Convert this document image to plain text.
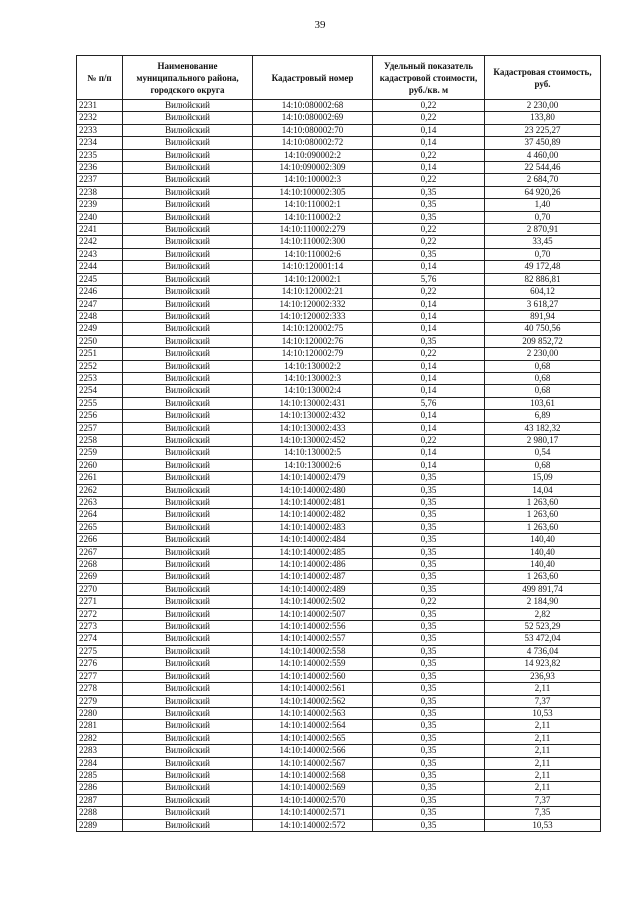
39
№ п/п	Наименование муниципального района, городского округа	Кадастровый номер	Удельный показатель кадастровой стоимости, руб./кв. м	Кадастровая стоимость, руб.
2231	Вилюйский	14:10:080002:68	0,22	2 230,00
2232	Вилюйский	14:10:080002:69	0,22	133,80
2233	Вилюйский	14:10:080002:70	0,14	23 225,27
2234	Вилюйский	14:10:080002:72	0,14	37 450,89
2235	Вилюйский	14:10:090002:2	0,22	4 460,00
2236	Вилюйский	14:10:090002:309	0,14	22 544,46
2237	Вилюйский	14:10:100002:3	0,22	2 684,70
2238	Вилюйский	14:10:100002:305	0,35	64 920,26
2239	Вилюйский	14:10:110002:1	0,35	1,40
2240	Вилюйский	14:10:110002:2	0,35	0,70
2241	Вилюйский	14:10:110002:279	0,22	2 870,91
2242	Вилюйский	14:10:110002:300	0,22	33,45
2243	Вилюйский	14:10:110002:6	0,35	0,70
2244	Вилюйский	14:10:120001:14	0,14	49 172,48
2245	Вилюйский	14:10:120002:1	5,76	82 886,81
2246	Вилюйский	14:10:120002:21	0,22	604,12
2247	Вилюйский	14:10:120002:332	0,14	3 618,27
2248	Вилюйский	14:10:120002:333	0,14	891,94
2249	Вилюйский	14:10:120002:75	0,14	40 750,56
2250	Вилюйский	14:10:120002:76	0,35	209 852,72
2251	Вилюйский	14:10:120002:79	0,22	2 230,00
2252	Вилюйский	14:10:130002:2	0,14	0,68
2253	Вилюйский	14:10:130002:3	0,14	0,68
2254	Вилюйский	14:10:130002:4	0,14	0,68
2255	Вилюйский	14:10:130002:431	5,76	103,61
2256	Вилюйский	14:10:130002:432	0,14	6,89
2257	Вилюйский	14:10:130002:433	0,14	43 182,32
2258	Вилюйский	14:10:130002:452	0,22	2 980,17
2259	Вилюйский	14:10:130002:5	0,14	0,54
2260	Вилюйский	14:10:130002:6	0,14	0,68
2261	Вилюйский	14:10:140002:479	0,35	15,09
2262	Вилюйский	14:10:140002:480	0,35	14,04
2263	Вилюйский	14:10:140002:481	0,35	1 263,60
2264	Вилюйский	14:10:140002:482	0,35	1 263,60
2265	Вилюйский	14:10:140002:483	0,35	1 263,60
2266	Вилюйский	14:10:140002:484	0,35	140,40
2267	Вилюйский	14:10:140002:485	0,35	140,40
2268	Вилюйский	14:10:140002:486	0,35	140,40
2269	Вилюйский	14:10:140002:487	0,35	1 263,60
2270	Вилюйский	14:10:140002:489	0,35	499 891,74
2271	Вилюйский	14:10:140002:502	0,22	2 184,90
2272	Вилюйский	14:10:140002:507	0,35	2,82
2273	Вилюйский	14:10:140002:556	0,35	52 523,29
2274	Вилюйский	14:10:140002:557	0,35	53 472,04
2275	Вилюйский	14:10:140002:558	0,35	4 736,04
2276	Вилюйский	14:10:140002:559	0,35	14 923,82
2277	Вилюйский	14:10:140002:560	0,35	236,93
2278	Вилюйский	14:10:140002:561	0,35	2,11
2279	Вилюйский	14:10:140002:562	0,35	7,37
2280	Вилюйский	14:10:140002:563	0,35	10,53
2281	Вилюйский	14:10:140002:564	0,35	2,11
2282	Вилюйский	14:10:140002:565	0,35	2,11
2283	Вилюйский	14:10:140002:566	0,35	2,11
2284	Вилюйский	14:10:140002:567	0,35	2,11
2285	Вилюйский	14:10:140002:568	0,35	2,11
2286	Вилюйский	14:10:140002:569	0,35	2,11
2287	Вилюйский	14:10:140002:570	0,35	7,37
2288	Вилюйский	14:10:140002:571	0,35	7,35
2289	Вилюйский	14:10:140002:572	0,35	10,53
